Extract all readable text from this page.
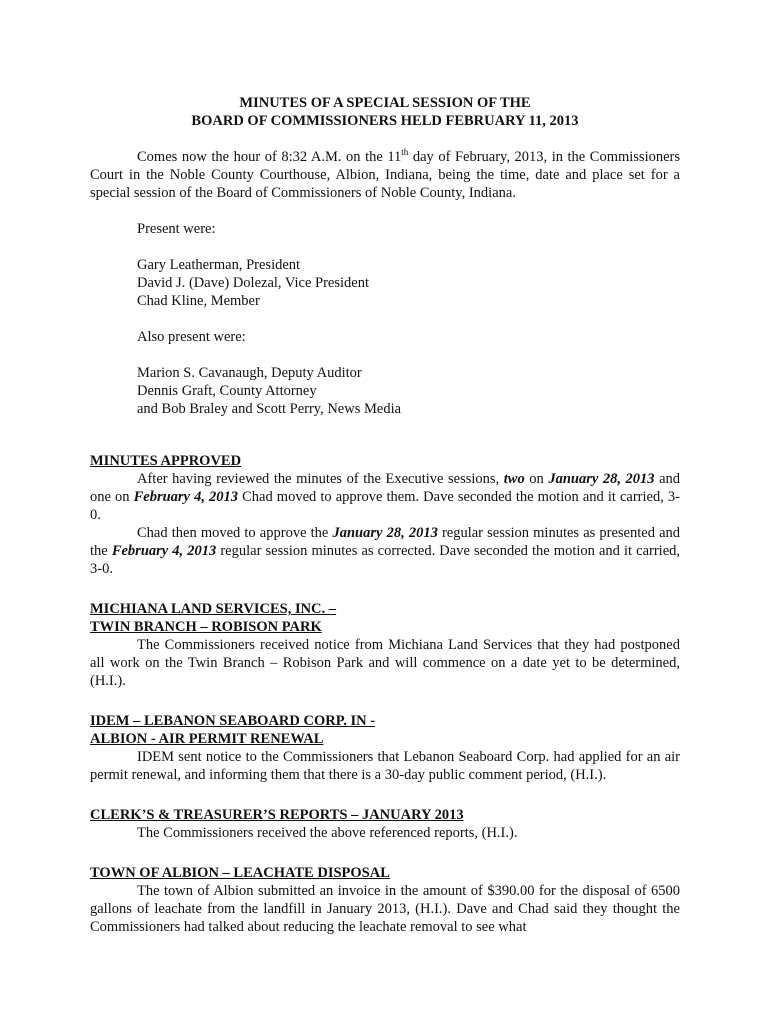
MINUTES OF A SPECIAL SESSION OF THE
BOARD OF COMMISSIONERS HELD FEBRUARY 11, 2013

Comes now the hour of 8:32 A.M. on the 11th day of February, 2013, in the Commissioners Court in the Noble County Courthouse, Albion, Indiana, being the time, date and place set for a special session of the Board of Commissioners of Noble County, Indiana.

Present were:
Gary Leatherman, President
David J. (Dave) Dolezal, Vice President
Chad Kline, Member
Also present were:
Marion S. Cavanaugh, Deputy Auditor
Dennis Graft, County Attorney
and Bob Braley and Scott Perry, News Media
MINUTES APPROVED

After having reviewed the minutes of the Executive sessions, two on January 28, 2013 and one on February 4, 2013 Chad moved to approve them. Dave seconded the motion and it carried, 3-0.

Chad then moved to approve the January 28, 2013 regular session minutes as presented and the February 4, 2013 regular session minutes as corrected. Dave seconded the motion and it carried, 3-0.

MICHIANA LAND SERVICES, INC. –
TWIN BRANCH – ROBISON PARK

The Commissioners received notice from Michiana Land Services that they had postponed all work on the Twin Branch – Robison Park and will commence on a date yet to be determined, (H.I.).

IDEM – LEBANON SEABOARD CORP. IN -
ALBION - AIR PERMIT RENEWAL

IDEM sent notice to the Commissioners that Lebanon Seaboard Corp. had applied for an air permit renewal, and informing them that there is a 30-day public comment period, (H.I.).

CLERK’S & TREASURER’S REPORTS – JANUARY 2013

The Commissioners received the above referenced reports, (H.I.).

TOWN OF ALBION – LEACHATE DISPOSAL

The town of Albion submitted an invoice in the amount of $390.00 for the disposal of 6500 gallons of leachate from the landfill in January 2013, (H.I.). Dave and Chad said they thought the Commissioners had talked about reducing the leachate removal to see what
